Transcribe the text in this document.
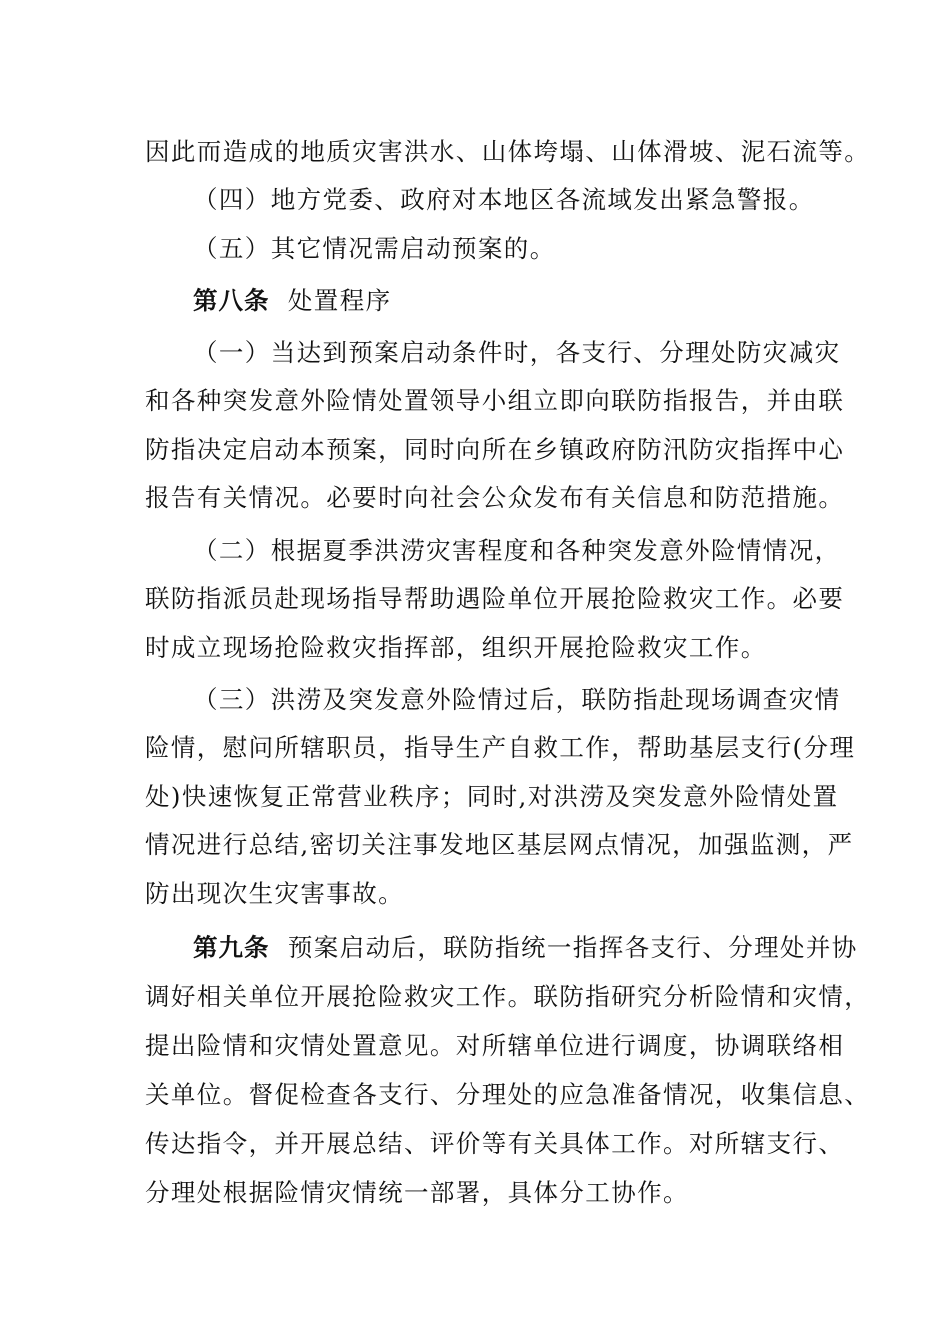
因此而造成的地质灾害洪水、山体垮塌、山体滑坡、泥石流等。
（四）地方党委、政府对本地区各流域发出紧急警报。
（五）其它情况需启动预案的。
第八条 处置程序
（一）当达到预案启动条件时，各支行、分理处防灾减灾
和各种突发意外险情处置领导小组立即向联防指报告，并由联
防指决定启动本预案，同时向所在乡镇政府防汛防灾指挥中心
报告有关情况。必要时向社会公众发布有关信息和防范措施。
（二）根据夏季洪涝灾害程度和各种突发意外险情情况，
联防指派员赴现场指导帮助遇险单位开展抢险救灾工作。必要
时成立现场抢险救灾指挥部，组织开展抢险救灾工作。
（三）洪涝及突发意外险情过后，联防指赴现场调查灾情
险情，慰问所辖职员，指导生产自救工作，帮助基层支行(分理
处)快速恢复正常营业秩序；同时,对洪涝及突发意外险情处置
情况进行总结,密切关注事发地区基层网点情况，加强监测，严
防出现次生灾害事故。
第九条 预案启动后，联防指统一指挥各支行、分理处并协
调好相关单位开展抢险救灾工作。联防指研究分析险情和灾情，
提出险情和灾情处置意见。对所辖单位进行调度，协调联络相
关单位。督促检查各支行、分理处的应急准备情况，收集信息、
传达指令，并开展总结、评价等有关具体工作。对所辖支行、
分理处根据险情灾情统一部署，具体分工协作。
